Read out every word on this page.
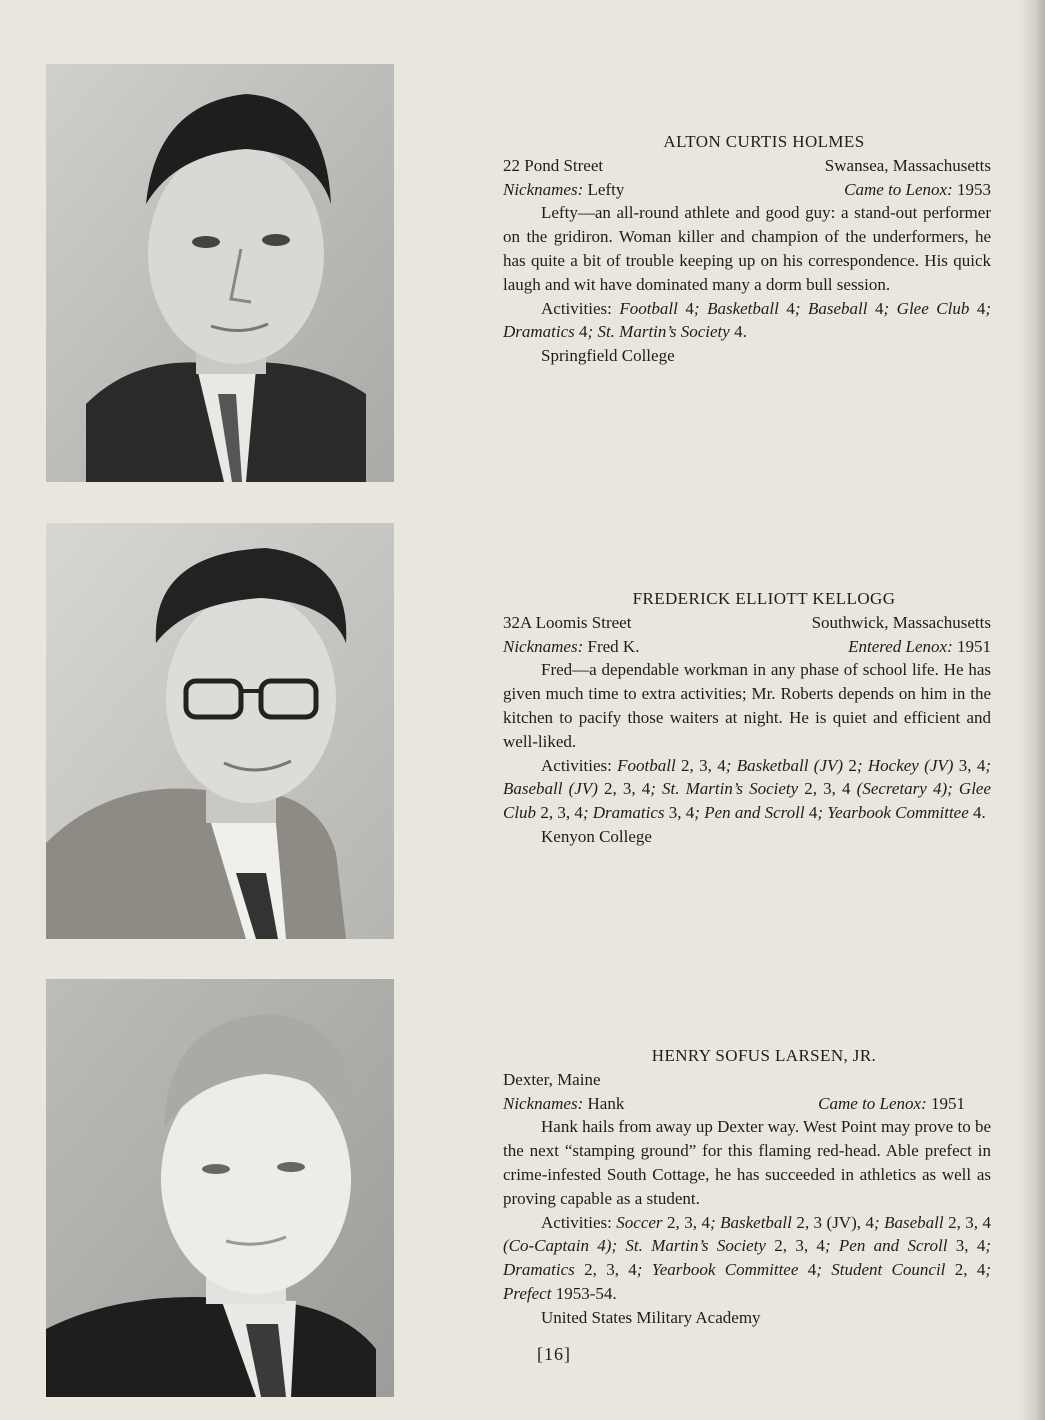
ALTON CURTIS HOLMES
22 Pond Street	Swansea, Massachusetts
Nicknames: Lefty	Came to Lenox: 1953

Lefty—an all-round athlete and good guy: a stand-out performer on the gridiron. Woman killer and champion of the underformers, he has quite a bit of trouble keeping up on his correspondence. His quick laugh and wit have dominated many a dorm bull session.

Activities: Football 4; Basketball 4; Baseball 4; Glee Club 4; Dramatics 4; St. Martin’s Society 4.

Springfield College

FREDERICK ELLIOTT KELLOGG
32A Loomis Street	Southwick, Massachusetts
Nicknames: Fred K.	Entered Lenox: 1951

Fred—a dependable workman in any phase of school life. He has given much time to extra activities; Mr. Roberts depends on him in the kitchen to pacify those waiters at night. He is quiet and efficient and well-liked.

Activities: Football 2, 3, 4; Basketball (JV) 2; Hockey (JV) 3, 4; Baseball (JV) 2, 3, 4; St. Martin’s Society 2, 3, 4 (Secretary 4); Glee Club 2, 3, 4; Dramatics 3, 4; Pen and Scroll 4; Yearbook Committee 4.

Kenyon College

HENRY SOFUS LARSEN, JR.
Dexter, Maine
Nicknames: Hank	Came to Lenox: 1951

Hank hails from away up Dexter way. West Point may prove to be the next “stamping ground” for this flaming red-head. Able prefect in crime-infested South Cottage, he has succeeded in athletics as well as proving capable as a student.

Activities: Soccer 2, 3, 4; Basketball 2, 3 (JV), 4; Baseball 2, 3, 4 (Co-Captain 4); St. Martin’s Society 2, 3, 4; Pen and Scroll 3, 4; Dramatics 2, 3, 4; Yearbook Committee 4; Student Council 2, 4; Prefect 1953-54.

United States Military Academy

[16]
